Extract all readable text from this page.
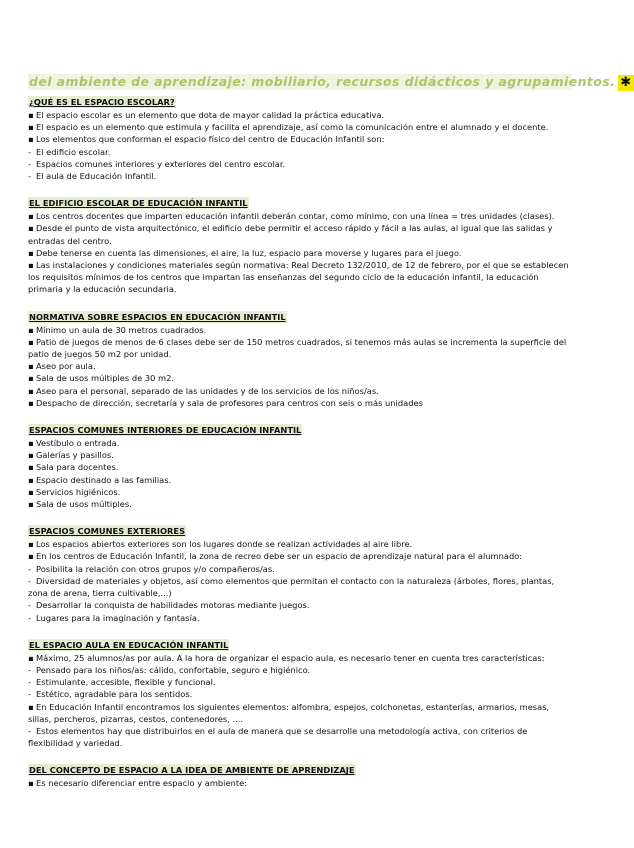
del ambiente de aprendizaje: mobiliario, recursos didácticos y agrupamientos. ✱
¿QUÉ ES EL ESPACIO ESCOLAR?
▪ El espacio escolar es un elemento que dota de mayor calidad la práctica educativa.
▪ El espacio es un elemento que estimula y facilita el aprendizaje, así como la comunicación entre el alumnado y el docente.
▪ Los elementos que conforman el espacio físico del centro de Educación Infantil son:
- El edificio escolar.
- Espacios comunes interiores y exteriores del centro escolar.
- El aula de Educación Infantil.
EL EDIFICIO ESCOLAR DE EDUCACIÓN INFANTIL
▪ Los centros docentes que imparten educación infantil deberán contar, como mínimo, con una línea = tres unidades (clases).
▪ Desde el punto de vista arquitectónico, el edificio debe permitir el acceso rápido y fácil a las aulas, al igual que las salidas y entradas del centro.
▪ Debe tenerse en cuenta las dimensiones, el aire, la luz, espacio para moverse y lugares para el juego.
▪ Las instalaciones y condiciones materiales según normativa: Real Decreto 132/2010, de 12 de febrero, por el que se establecen los requisitos mínimos de los centros que impartan las enseñanzas del segundo ciclo de la educación infantil, la educación primaria y la educación secundaria.
NORMATIVA SOBRE ESPACIOS EN EDUCACIÓN INFANTIL
▪ Mínimo un aula de 30 metros cuadrados.
▪ Patio de juegos de menos de 6 clases debe ser de 150 metros cuadrados, si tenemos más aulas se incrementa la superficie del patio de juegos 50 m2 por unidad.
▪ Aseo por aula.
▪ Sala de usos múltiples de 30 m2.
▪ Aseo para el personal, separado de las unidades y de los servicios de los niños/as.
▪ Despacho de dirección, secretaría y sala de profesores para centros con seis o más unidades
ESPACIOS COMUNES INTERIORES DE EDUCACIÓN INFANTIL
▪ Vestíbulo o entrada.
▪ Galerías y pasillos.
▪ Sala para docentes.
▪ Espacio destinado a las familias.
▪ Servicios higiénicos.
▪ Sala de usos múltiples.
ESPACIOS COMUNES EXTERIORES
▪ Los espacios abiertos exteriores son los lugares donde se realizan actividades al aire libre.
▪ En los centros de Educación Infantil, la zona de recreo debe ser un espacio de aprendizaje natural para el alumnado:
- Posibilita la relación con otros grupos y/o compañeros/as.
- Diversidad de materiales y objetos, así como elementos que permitan el contacto con la naturaleza (árboles, flores, plantas, zona de arena, tierra cultivable,...)
- Desarrollar la conquista de habilidades motoras mediante juegos.
- Lugares para la imaginación y fantasía.
EL ESPACIO AULA EN EDUCACIÓN INFANTIL
▪ Máximo, 25 alumnos/as por aula. A la hora de organizar el espacio aula, es necesario tener en cuenta tres características:
- Pensado para los niños/as: cálido, confortable, seguro e higiénico.
- Estimulante, accesible, flexible y funcional.
- Estético, agradable para los sentidos.
▪ En Educación Infantil encontramos los siguientes elementos: alfombra, espejos, colchonetas, estanterías, armarios, mesas, sillas, percheros, pizarras, cestos, contenedores, ....
- Estos elementos hay que distribuirlos en el aula de manera que se desarrolle una metodología activa, con criterios de flexibilidad y variedad.
DEL CONCEPTO DE ESPACIO A LA IDEA DE AMBIENTE DE APRENDIZAJE
▪ Es necesario diferenciar entre espacio y ambiente:
